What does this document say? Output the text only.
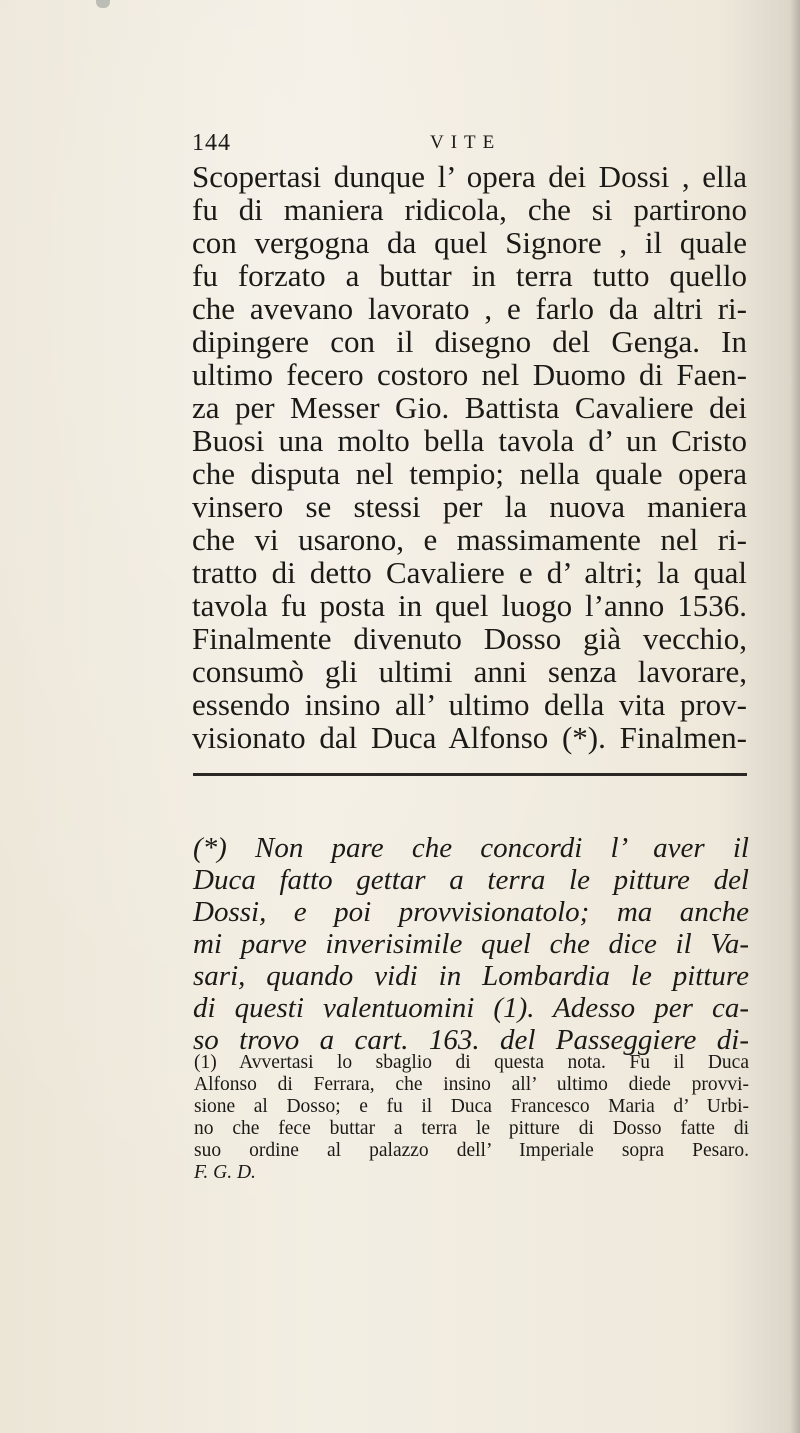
144	VITE
Scopertasi dunque l’ opera dei Dossi , ella
fu di maniera ridicola, che si partirono
con vergogna da quel Signore , il quale
fu forzato a buttar in terra tutto quello
che avevano lavorato , e farlo da altri ri-
dipingere con il disegno del Genga. In
ultimo fecero costoro nel Duomo di Faen-
za per Messer Gio. Battista Cavaliere dei
Buosi una molto bella tavola d’ un Cristo
che disputa nel tempio; nella quale opera
vinsero se stessi per la nuova maniera
che vi usarono, e massimamente nel ri-
tratto di detto Cavaliere e d’ altri; la qual
tavola fu posta in quel luogo l’anno 1536.
Finalmente divenuto Dosso già vecchio,
consumò gli ultimi anni senza lavorare,
essendo insino all’ ultimo della vita prov-
visionato dal Duca Alfonso (*). Finalmen-
(*) Non pare che concordi l’ aver il
Duca fatto gettar a terra le pitture del
Dossi, e poi provvisionatolo; ma anche
mi parve inverisimile quel che dice il Va-
sari, quando vidi in Lombardia le pitture
di questi valentuomini (1). Adesso per ca-
so trovo a cart. 163. del Passeggiere di-
(1) Avvertasi lo sbaglio di questa nota. Fu il Duca
Alfonso di Ferrara, che insino all’ ultimo diede provvi-
sione al Dosso; e fu il Duca Francesco Maria d’ Urbi-
no che fece buttar a terra le pitture di Dosso fatte di
suo ordine al palazzo dell’ Imperiale sopra Pesaro.
F. G. D.
